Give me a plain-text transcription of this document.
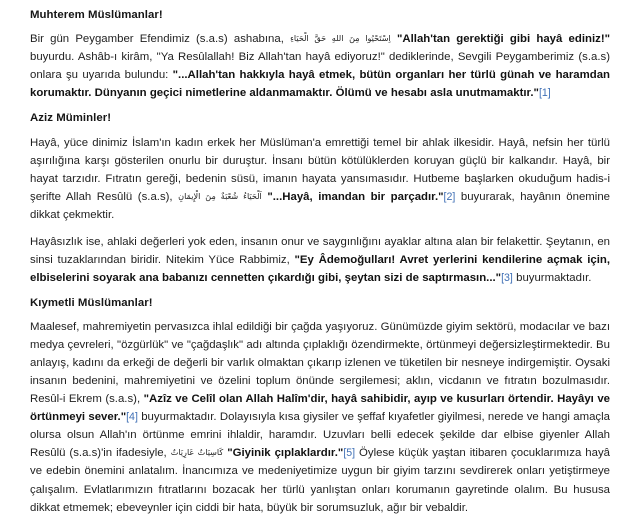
Muhterem Müslümanlar!

Bir gün Peygamber Efendimiz (s.a.s) ashabına, اِسْتَحْيُوا مِنَ اللهِ حَقَّ الْحَيَاءِ "Allah'tan gerektiği gibi hayâ ediniz!" buyurdu. Ashâb-ı kirâm, "Ya Resûlallah! Biz Allah'tan hayâ ediyoruz!" dediklerinde, Sevgili Peygamberimiz (s.a.s) onlara şu uyarıda bulundu: "...Allah'tan hakkıyla hayâ etmek, bütün organları her türlü günah ve haramdan korumaktır. Dünyanın geçici nimetlerine aldanmamaktır. Ölümü ve hesabı asla unutmamaktır."[1]

Aziz Müminler!

Hayâ, yüce dinimiz İslam'ın kadın erkek her Müslüman'a emrettiği temel bir ahlak ilkesidir. Hayâ, nefsin her türlü aşırılığına karşı gösterilen onurlu bir duruştur. İnsanı bütün kötülüklerden koruyan güçlü bir kalkandır. Hayâ, bir hayat tarzıdır. Fıtratın gereği, bedenin süsü, imanın hayata yansımasıdır. Hutbeme başlarken okuduğum hadis-i şerifte Allah Resûlü (s.a.s), اَلْحَيَاءُ شُعْبَةٌ مِنَ الْإِيمَانِ "...Hayâ, imandan bir parçadır."[2] buyurarak, hayânın önemine dikkat çekmektir.

Hayâsızlık ise, ahlaki değerleri yok eden, insanın onur ve saygınlığını ayaklar altına alan bir felakettir. Şeytanın, en sinsi tuzaklarından biridir. Nitekim Yüce Rabbimiz, "Ey Âdemoğulları! Avret yerlerini kendilerine açmak için, elbiselerini soyarak ana babanızı cennetten çıkardığı gibi, şeytan sizi de saptırmasın..."[3] buyurmaktadır.

Kıymetli Müslümanlar!

Maalesef, mahremiyetin pervasızca ihlal edildiği bir çağda yaşıyoruz. Günümüzde giyim sektörü, modacılar ve bazı medya çevreleri, "özgürlük" ve "çağdaşlık" adı altında çıplaklığı özendirmekte, örtünmeyi değersizleştirmektedir. Bu anlayış, kadını da erkeği de değerli bir varlık olmaktan çıkarıp izlenen ve tüketilen bir nesneye indirgemiştir. Oysaki insanın bedenini, mahremiyetini ve özelini toplum önünde sergilemesi; aklın, vicdanın ve fıtratın bozulmasıdır. Resûl-i Ekrem (s.a.s), "Azîz ve Celîl olan Allah Halîm'dir, hayâ sahibidir, ayıp ve kusurları örtendir. Hayâyı ve örtünmeyi sever."[4] buyurmaktadır. Dolayısıyla kısa giysiler ve şeffaf kıyafetler giyilmesi, nerede ve hangi amaçla olursa olsun Allah'ın örtünme emrini ihlaldir, haramdır. Uzuvları belli edecek şekilde dar elbise giyenler Allah Resûlü (s.a.s)'in ifadesiyle, كَاسِيَاتٌ عَارِيَاتٌ "Giyinik çıplaklardır."[5] Öylese küçük yaştan itibaren çocuklarımıza hayâ ve edebin önemini anlatalım. İnancımıza ve medeniyetimize uygun bir giyim tarzını sevdirerek onları yetiştirmeye çalışalım. Evlatlarımızın fıtratlarını bozacak her türlü yanlıştan onları korumanın gayretinde olalım. Bu hususa dikkat etmemek; ebeveynler için ciddi bir hata, büyük bir sorumsuzluk, ağır bir vebaldir.
